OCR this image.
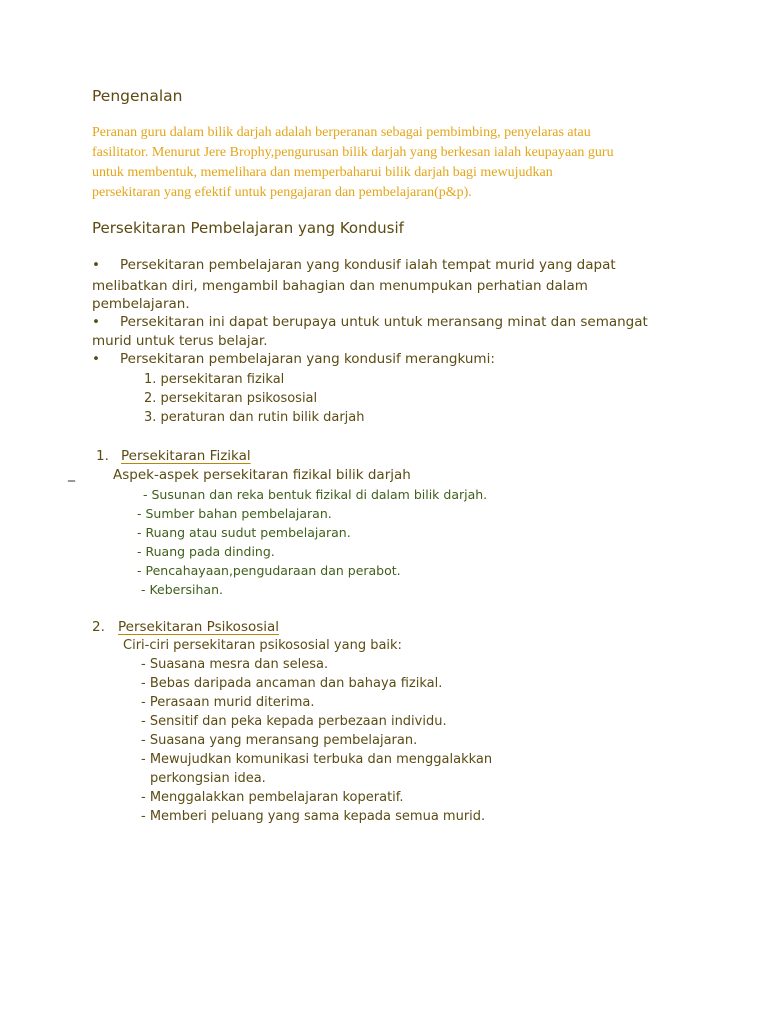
Pengenalan
Peranan guru dalam bilik darjah adalah berperanan sebagai pembimbing, penyelaras atau
fasilitator. Menurut Jere Brophy,pengurusan bilik darjah yang berkesan ialah keupayaan guru
untuk membentuk, memelihara dan memperbaharui bilik darjah bagi mewujudkan
persekitaran yang efektif untuk pengajaran dan pembelajaran(p&p).
Persekitaran Pembelajaran yang Kondusif
• Persekitaran pembelajaran yang kondusif ialah tempat murid yang dapat
melibatkan diri, mengambil bahagian dan menumpukan perhatian dalam
pembelajaran.
• Persekitaran ini dapat berupaya untuk untuk meransang minat dan semangat
murid untuk terus belajar.
• Persekitaran pembelajaran yang kondusif merangkumi:
1. persekitaran fizikal
2. persekitaran psikososial
3. peraturan dan rutin bilik darjah
1. Persekitaran Fizikal
_	Aspek-aspek persekitaran fizikal bilik darjah
- Susunan dan reka bentuk fizikal di dalam bilik darjah.
- Sumber bahan pembelajaran.
- Ruang atau sudut pembelajaran.
- Ruang pada dinding.
- Pencahayaan,pengudaraan dan perabot.
- Kebersihan.
2. Persekitaran Psikososial
Ciri-ciri persekitaran psikososial yang baik:
- Suasana mesra dan selesa.
- Bebas daripada ancaman dan bahaya fizikal.
- Perasaan murid diterima.
- Sensitif dan peka kepada perbezaan individu.
- Suasana yang meransang pembelajaran.
- Mewujudkan komunikasi terbuka dan menggalakkan
perkongsian idea.
- Menggalakkan pembelajaran koperatif.
- Memberi peluang yang sama kepada semua murid.
